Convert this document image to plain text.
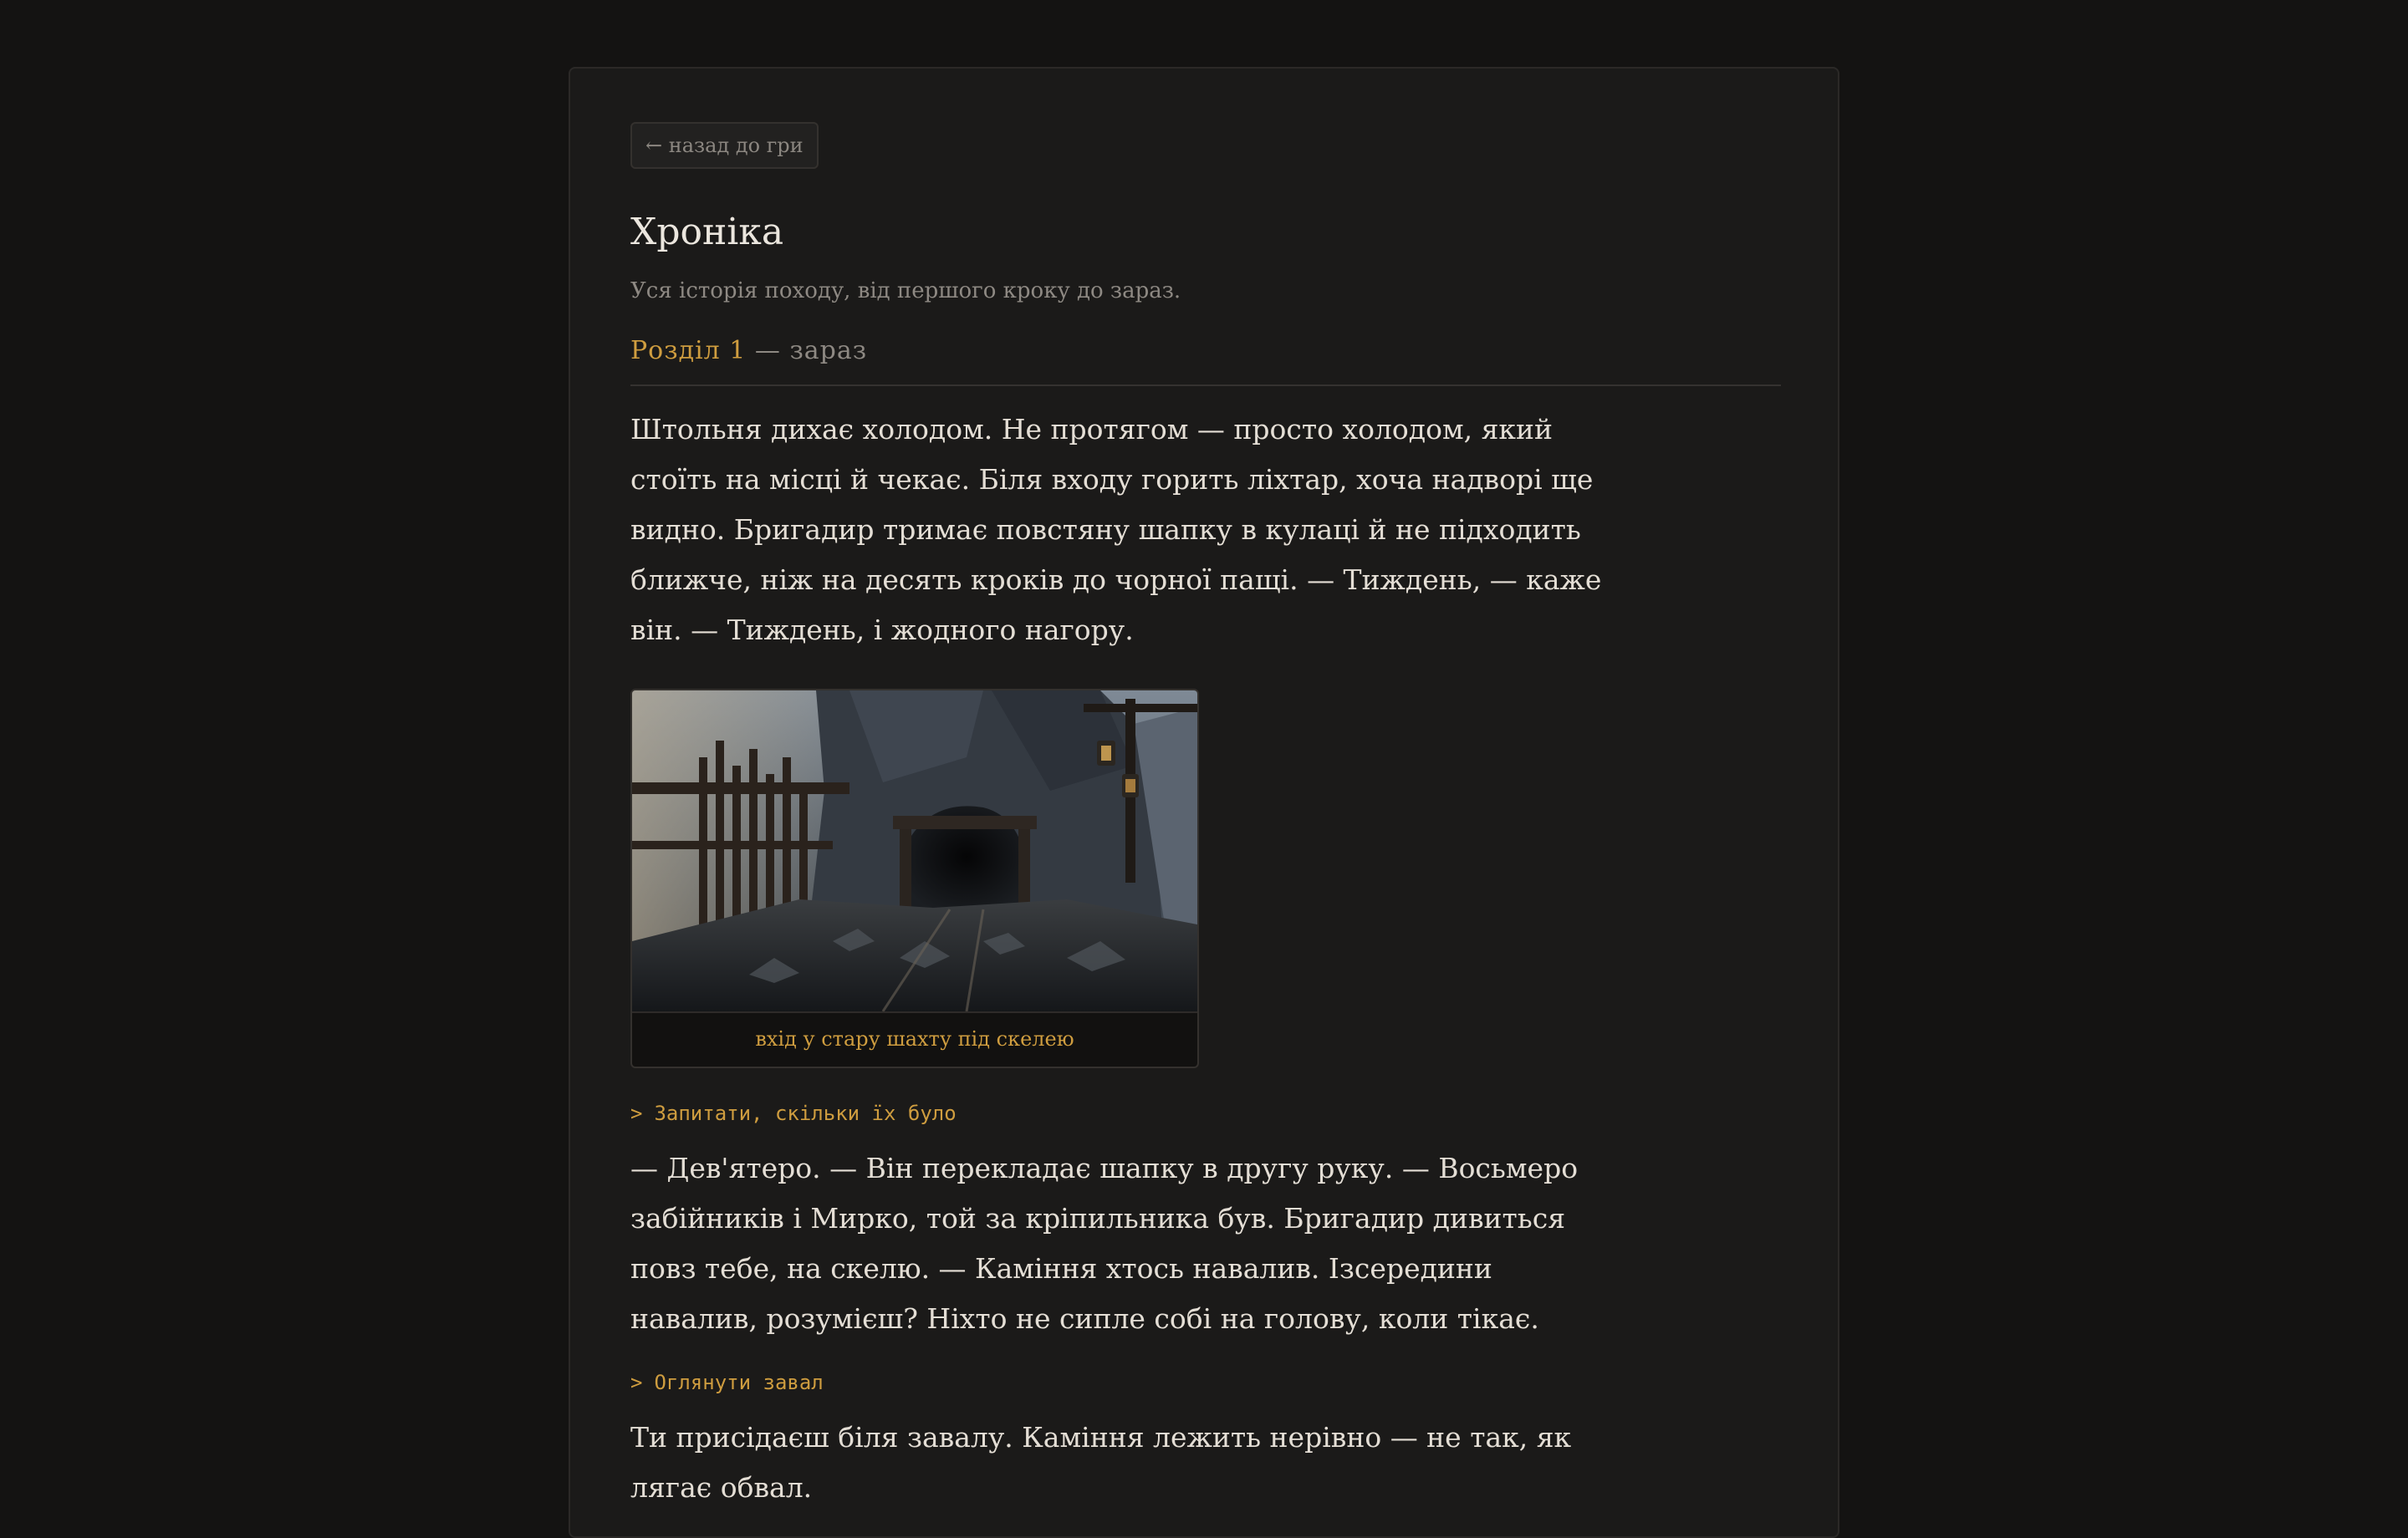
← назад до гри
Хроніка
Уся історія походу, від першого кроку до зараз.
Розділ 1 — зараз

Штольня дихає холодом. Не протягом — просто холодом, який стоїть на місці й чекає. Біля входу горить ліхтар, хоча надворі ще видно. Бригадир тримає повстяну шапку в кулаці й не підходить ближче, ніж на десять кроків до чорної пащі. — Тиждень, — каже він. — Тиждень, і жодного нагору.

вхід у стару шахту під скелею
> Запитати, скільки їх було

— Дев'ятеро. — Він перекладає шапку в другу руку. — Восьмеро забійників і Мирко, той за кріпильника був. Бригадир дивиться повз тебе, на скелю. — Каміння хтось навалив. Ізсередини навалив, розумієш? Ніхто не сипле собі на голову, коли тікає.

> Оглянути завал

Ти присідаєш біля завалу. Каміння лежить нерівно — не так, як лягає обвал.
